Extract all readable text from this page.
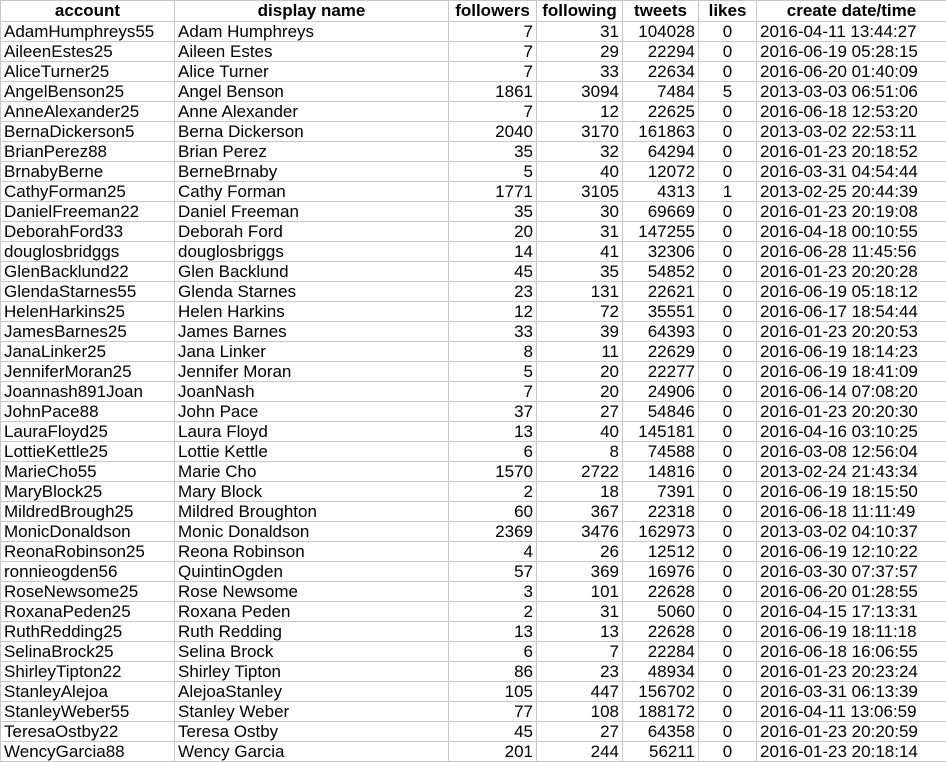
account	display name	followers	following	tweets	likes	create date/time
AdamHumphreys55	Adam Humphreys	7	31	104028	0	2016-04-11 13:44:27
AileenEstes25	Aileen Estes	7	29	22294	0	2016-06-19 05:28:15
AliceTurner25	Alice Turner	7	33	22634	0	2016-06-20 01:40:09
AngelBenson25	Angel Benson	1861	3094	7484	5	2013-03-03 06:51:06
AnneAlexander25	Anne Alexander	7	12	22625	0	2016-06-18 12:53:20
BernaDickerson5	Berna Dickerson	2040	3170	161863	0	2013-03-02 22:53:11
BrianPerez88	Brian Perez	35	32	64294	0	2016-01-23 20:18:52
BrnabyBerne	BerneBrnaby	5	40	12072	0	2016-03-31 04:54:44
CathyForman25	Cathy Forman	1771	3105	4313	1	2013-02-25 20:44:39
DanielFreeman22	Daniel Freeman	35	30	69669	0	2016-01-23 20:19:08
DeborahFord33	Deborah Ford	20	31	147255	0	2016-04-18 00:10:55
douglosbridggs	douglosbriggs	14	41	32306	0	2016-06-28 11:45:56
GlenBacklund22	Glen Backlund	45	35	54852	0	2016-01-23 20:20:28
GlendaStarnes55	Glenda Starnes	23	131	22621	0	2016-06-19 05:18:12
HelenHarkins25	Helen Harkins	12	72	35551	0	2016-06-17 18:54:44
JamesBarnes25	James Barnes	33	39	64393	0	2016-01-23 20:20:53
JanaLinker25	Jana Linker	8	11	22629	0	2016-06-19 18:14:23
JenniferMoran25	Jennifer Moran	5	20	22277	0	2016-06-19 18:41:09
Joannash891Joan	JoanNash	7	20	24906	0	2016-06-14 07:08:20
JohnPace88	John Pace	37	27	54846	0	2016-01-23 20:20:30
LauraFloyd25	Laura Floyd	13	40	145181	0	2016-04-16 03:10:25
LottieKettle25	Lottie Kettle	6	8	74588	0	2016-03-08 12:56:04
MarieCho55	Marie Cho	1570	2722	14816	0	2013-02-24 21:43:34
MaryBlock25	Mary Block	2	18	7391	0	2016-06-19 18:15:50
MildredBrough25	Mildred Broughton	60	367	22318	0	2016-06-18 11:11:49
MonicDonaldson	Monic Donaldson	2369	3476	162973	0	2013-03-02 04:10:37
ReonaRobinson25	Reona Robinson	4	26	12512	0	2016-06-19 12:10:22
ronnieogden56	QuintinOgden	57	369	16976	0	2016-03-30 07:37:57
RoseNewsome25	Rose Newsome	3	101	22628	0	2016-06-20 01:28:55
RoxanaPeden25	Roxana Peden	2	31	5060	0	2016-04-15 17:13:31
RuthRedding25	Ruth Redding	13	13	22628	0	2016-06-19 18:11:18
SelinaBrock25	Selina Brock	6	7	22284	0	2016-06-18 16:06:55
ShirleyTipton22	Shirley Tipton	86	23	48934	0	2016-01-23 20:23:24
StanleyAlejoa	AlejoaStanley	105	447	156702	0	2016-03-31 06:13:39
StanleyWeber55	Stanley Weber	77	108	188172	0	2016-04-11 13:06:59
TeresaOstby22	Teresa Ostby	45	27	64358	0	2016-01-23 20:20:59
WencyGarcia88	Wency Garcia	201	244	56211	0	2016-01-23 20:18:14
